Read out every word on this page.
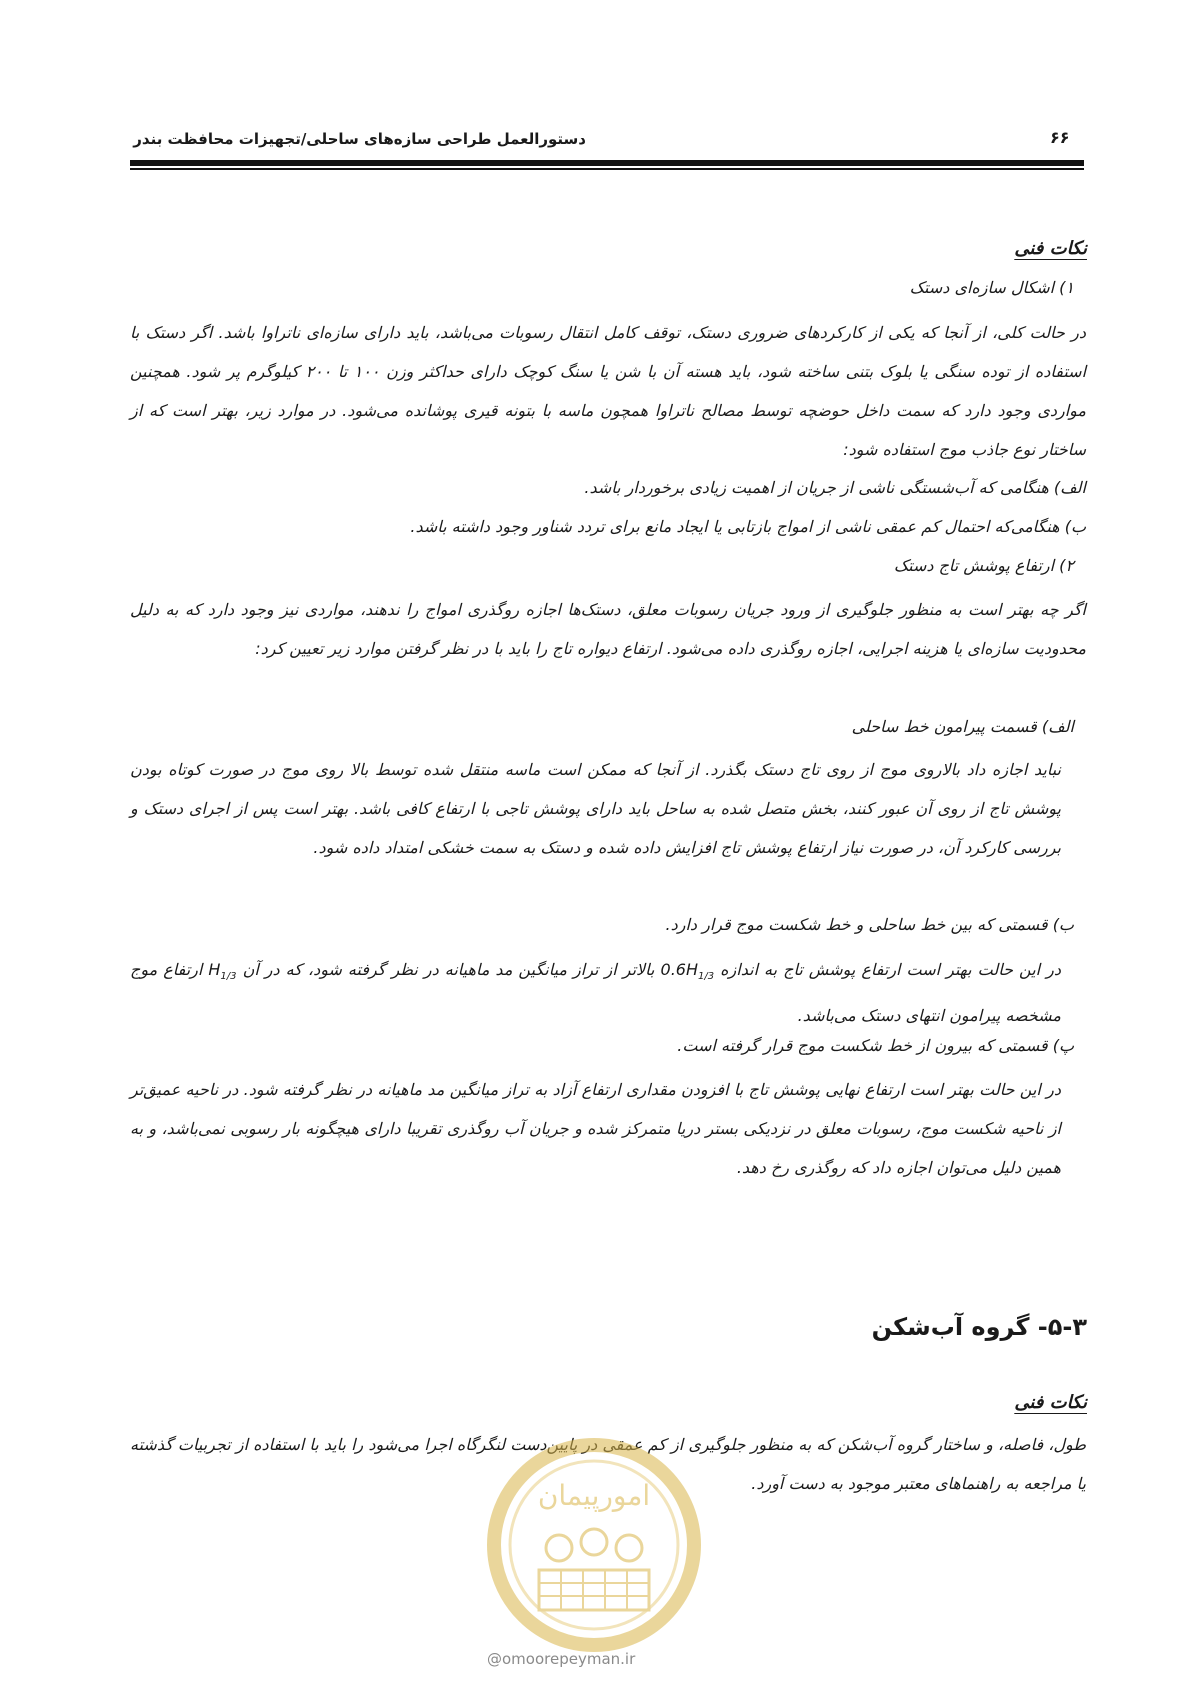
دستورالعمل طراحی سازه‌های ساحلی/تجهیزات محافظت بندر	۶۶
نکات فنی
۱) اشکال سازه‌ای دستک
در حالت کلی، از آنجا که یکی از کارکردهای ضروری دستک، توقف کامل انتقال رسوبات می‌باشد، باید دارای سازه‌ای ناتراوا باشد. اگر دستک با استفاده از توده سنگی یا بلوک بتنی ساخته شود، باید هسته آن با شن یا سنگ کوچک دارای حداکثر وزن ۱۰۰ تا ۲۰۰ کیلوگرم پر شود. همچنین مواردی وجود دارد که سمت داخل حوضچه توسط مصالح ناتراوا همچون ماسه با بتونه قیری پوشانده می‌شود. در موارد زیر، بهتر است که از ساختار نوع جاذب موج استفاده شود:
الف) هنگامی که آب‌شستگی ناشی از جریان از اهمیت زیادی برخوردار باشد.
ب) هنگامی‌که احتمال کم عمقی ناشی از امواج بازتابی یا ایجاد مانع برای تردد شناور وجود داشته باشد.
۲) ارتفاع پوشش تاج دستک
اگر چه بهتر است به منظور جلوگیری از ورود جریان رسوبات معلق، دستک‌ها اجازه روگذری امواج را ندهند، مواردی نیز وجود دارد که به دلیل محدودیت سازه‌ای یا هزینه اجرایی، اجازه روگذری داده می‌شود. ارتفاع دیواره تاج را باید با در نظر گرفتن موارد زیر تعیین کرد:
الف) قسمت پیرامون خط ساحلی
نباید اجازه داد بالاروی موج از روی تاج دستک بگذرد. از آنجا که ممکن است ماسه منتقل شده توسط بالا روی موج در صورت کوتاه بودن پوشش تاج از روی آن عبور کنند، بخش متصل شده به ساحل باید دارای پوشش تاجی با ارتفاع کافی باشد. بهتر است پس از اجرای دستک و بررسی کارکرد آن، در صورت نیاز ارتفاع پوشش تاج افزایش داده شده و دستک به سمت خشکی امتداد داده شود.
ب) قسمتی که بین خط ساحلی و خط شکست موج قرار دارد.
در این حالت بهتر است ارتفاع پوشش تاج به اندازه $0.6H_{1/3}$ بالاتر از تراز میانگین مد ماهیانه در نظر گرفته شود، که در آن $H_{1/3}$ ارتفاع موج مشخصه پیرامون انتهای دستک می‌باشد.
پ) قسمتی که بیرون از خط شکست موج قرار گرفته است.
در این حالت بهتر است ارتفاع نهایی پوشش تاج با افزودن مقداری ارتفاع آزاد به تراز میانگین مد ماهیانه در نظر گرفته شود. در ناحیه عمیق‌تر از ناحیه شکست موج، رسوبات معلق در نزدیکی بستر دریا متمرکز شده و جریان آب روگذری تقریبا دارای هیچگونه بار رسوبی نمی‌باشد، و به همین دلیل می‌توان اجازه داد که روگذری رخ دهد.
۵-۳- گروه آب‌شکن
نکات فنی
طول، فاصله، و ساختار گروه آب‌شکن که به منظور جلوگیری از کم عمقی در پایین‌دست لنگرگاه اجرا می‌شود را باید با استفاده از تجربیات گذشته یا مراجعه به راهنماهای معتبر موجود به دست آورد.
امورپیمان
@omoorepeyman.ir
